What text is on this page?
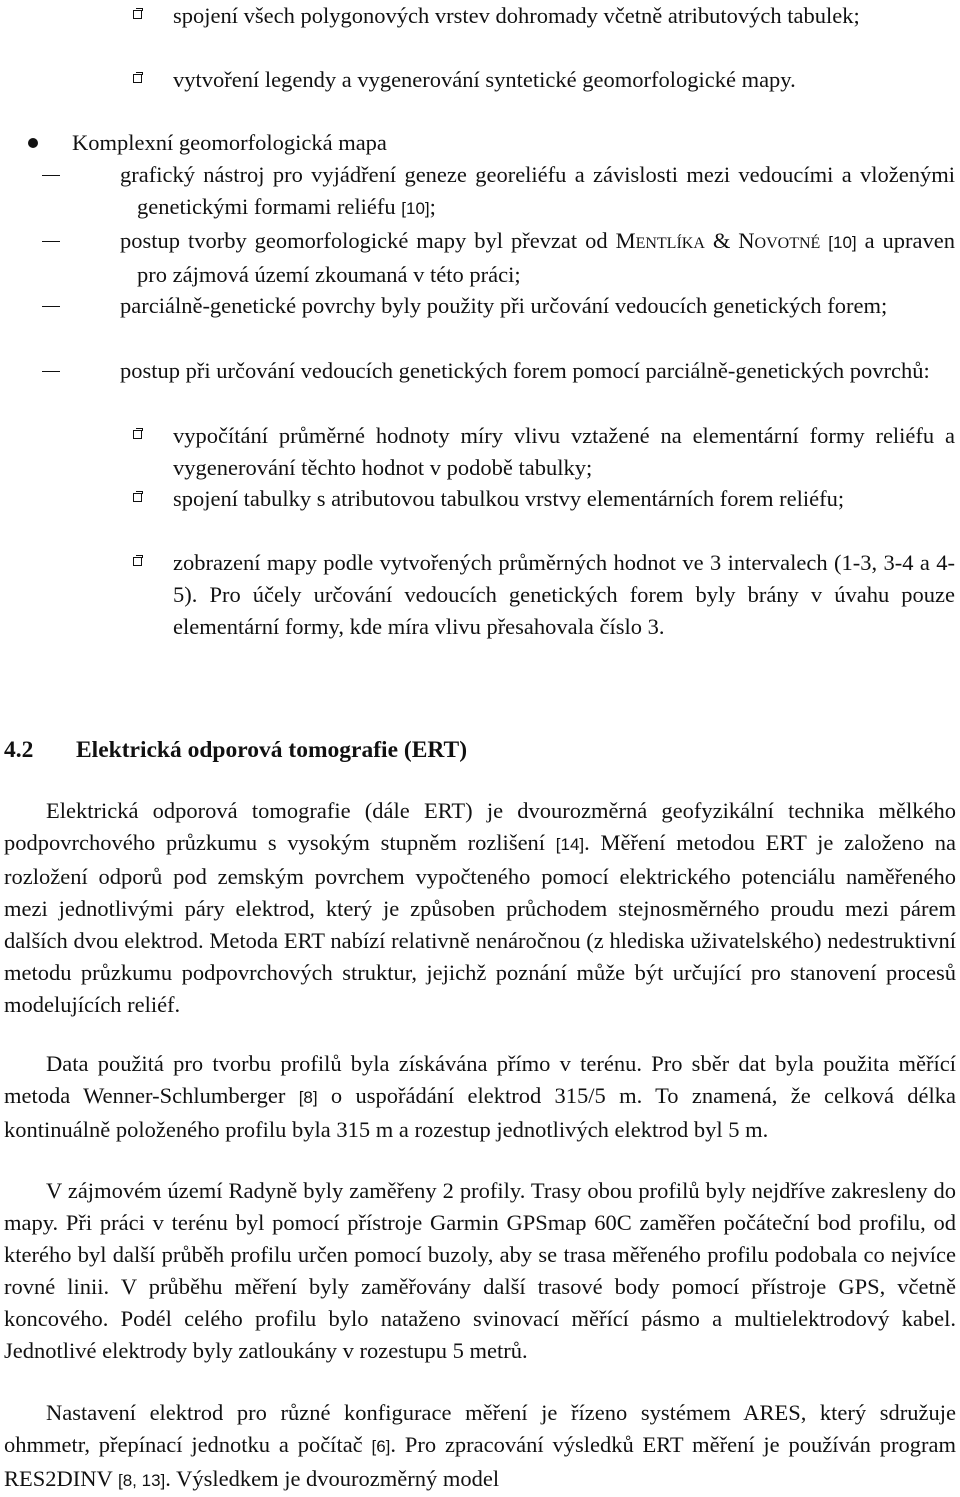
spojení všech polygonových vrstev dohromady včetně atributových tabulek;
vytvoření legendy a vygenerování syntetické geomorfologické mapy.
Komplexní geomorfologická mapa
grafický nástroj pro vyjádření geneze georeliéfu a závislosti mezi vedoucími a vloženými genetickými formami reliéfu [10];
postup tvorby geomorfologické mapy byl převzat od Mentlíka & Novotné [10] a upraven pro zájmová území zkoumaná v této práci;
parciálně-genetické povrchy byly použity při určování vedoucích genetických forem;
postup při určování vedoucích genetických forem pomocí parciálně-genetických povrchů:
vypočítání průměrné hodnoty míry vlivu vztažené na elementární formy reliéfu a vygenerování těchto hodnot v podobě tabulky;
spojení tabulky s atributovou tabulkou vrstvy elementárních forem reliéfu;
zobrazení mapy podle vytvořených průměrných hodnot ve 3 intervalech (1-3, 3-4 a 4-5). Pro účely určování vedoucích genetických forem byly brány v úvahu pouze elementární formy, kde míra vlivu přesahovala číslo 3.
4.2 Elektrická odporová tomografie (ERT)
Elektrická odporová tomografie (dále ERT) je dvourozměrná geofyzikální technika mělkého podpovrchového průzkumu s vysokým stupněm rozlišení [14]. Měření metodou ERT je založeno na rozložení odporů pod zemským povrchem vypočteného pomocí elektrického potenciálu naměřeného mezi jednotlivými páry elektrod, který je způsoben průchodem stejnosměrného proudu mezi párem dalších dvou elektrod. Metoda ERT nabízí relativně nenáročnou (z hlediska uživatelského) nedestruktivní metodu průzkumu podpovrchových struktur, jejichž poznání může být určující pro stanovení procesů modelujících reliéf.
Data použitá pro tvorbu profilů byla získávána přímo v terénu. Pro sběr dat byla použita měřící metoda Wenner-Schlumberger [8] o uspořádání elektrod 315/5 m. To znamená, že celková délka kontinuálně položeného profilu byla 315 m a rozestup jednotlivých elektrod byl 5 m.
V zájmovém území Radyně byly zaměřeny 2 profily. Trasy obou profilů byly nejdříve zakresleny do mapy. Při práci v terénu byl pomocí přístroje Garmin GPSmap 60C zaměřen počáteční bod profilu, od kterého byl další průběh profilu určen pomocí buzoly, aby se trasa měřeného profilu podobala co nejvíce rovné linii. V průběhu měření byly zaměřovány další trasové body pomocí přístroje GPS, včetně koncového. Podél celého profilu bylo nataženo svinovací měřící pásmo a multielektrodový kabel. Jednotlivé elektrody byly zatloukány v rozestupu 5 metrů.
Nastavení elektrod pro různé konfigurace měření je řízeno systémem ARES, který sdružuje ohmmetr, přepínací jednotku a počítač [6]. Pro zpracování výsledků ERT měření je používán program RES2DINV [8, 13]. Výsledkem je dvourozměrný model
